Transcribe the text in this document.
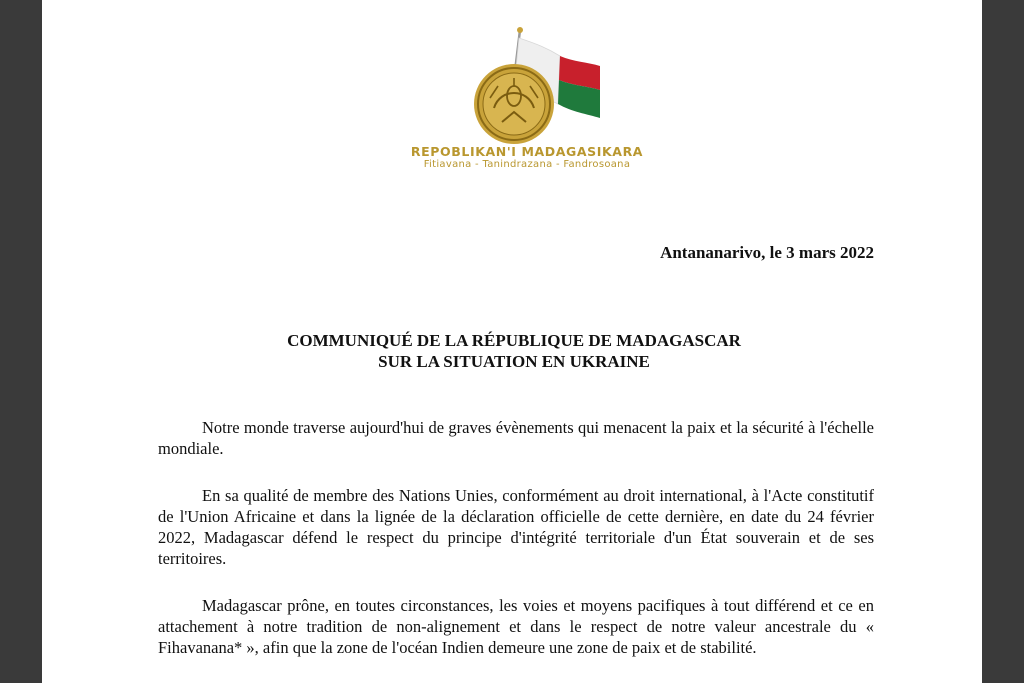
REPOBLIKAN'I MADAGASIKARA
Fitiavana - Tanindrazana - Fandrosoana
Antananarivo, le 3 mars 2022
COMMUNIQUÉ DE LA RÉPUBLIQUE DE MADAGASCAR
SUR LA SITUATION EN UKRAINE

Notre monde traverse aujourd'hui de graves évènements qui menacent la paix et la sécurité à l'échelle mondiale.

En sa qualité de membre des Nations Unies, conformément au droit international, à l'Acte constitutif de l'Union Africaine et dans la lignée de la déclaration officielle de cette dernière, en date du 24 février 2022, Madagascar défend le respect du principe d'intégrité territoriale d'un État souverain et de ses territoires.

Madagascar prône, en toutes circonstances, les voies et moyens pacifiques à tout différend et ce en attachement à notre tradition de non-alignement et dans le respect de notre valeur ancestrale du « Fihavanana* », afin que la zone de l'océan Indien demeure une zone de paix et de stabilité.
